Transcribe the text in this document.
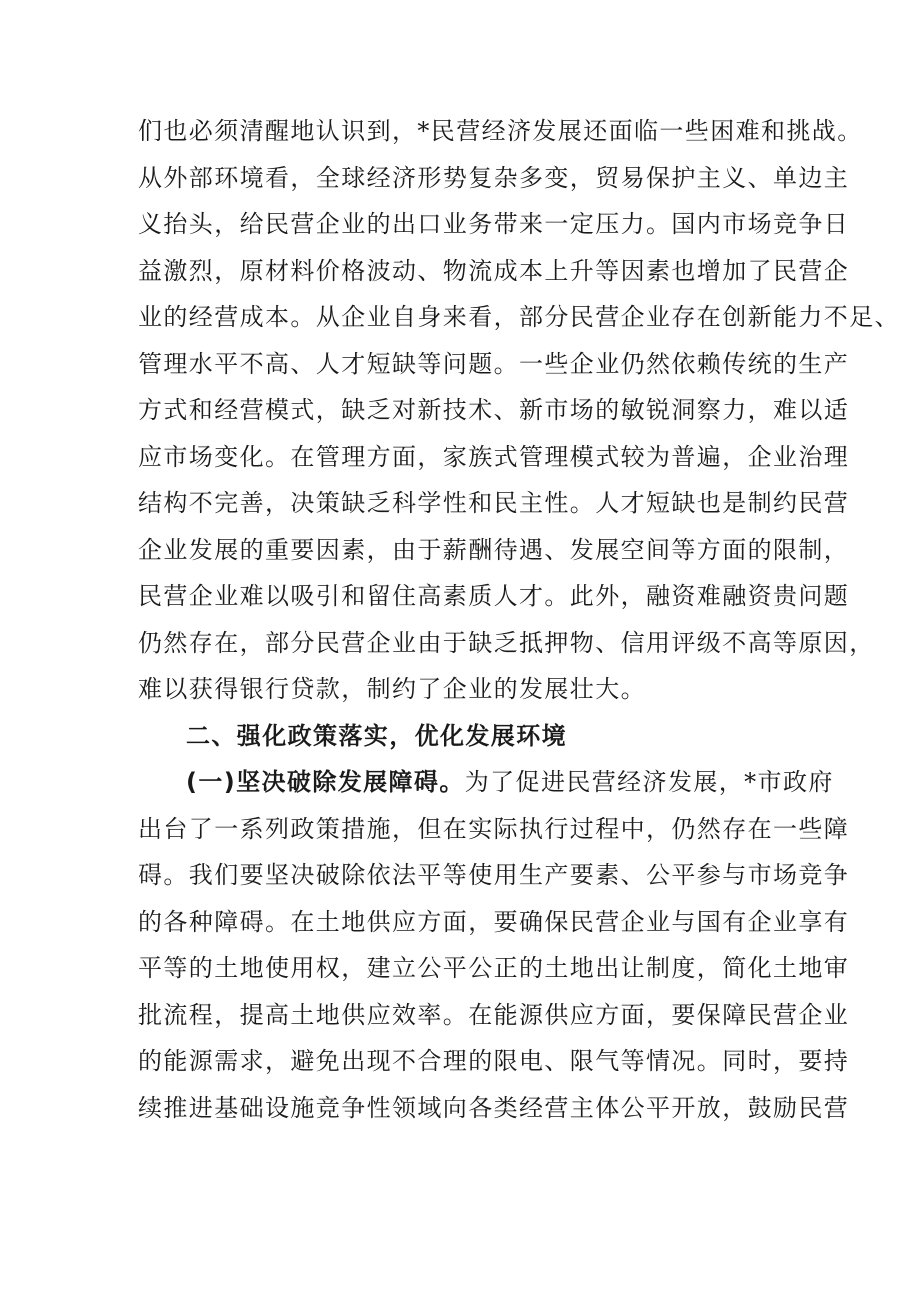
们也必须清醒地认识到，*民营经济发展还面临一些困难和挑战。
从外部环境看，全球经济形势复杂多变，贸易保护主义、单边主
义抬头，给民营企业的出口业务带来一定压力。国内市场竞争日
益激烈，原材料价格波动、物流成本上升等因素也增加了民营企
业的经营成本。从企业自身来看，部分民营企业存在创新能力不足、
管理水平不高、人才短缺等问题。一些企业仍然依赖传统的生产
方式和经营模式，缺乏对新技术、新市场的敏锐洞察力，难以适
应市场变化。在管理方面，家族式管理模式较为普遍，企业治理
结构不完善，决策缺乏科学性和民主性。人才短缺也是制约民营
企业发展的重要因素，由于薪酬待遇、发展空间等方面的限制，
民营企业难以吸引和留住高素质人才。此外，融资难融资贵问题
仍然存在，部分民营企业由于缺乏抵押物、信用评级不高等原因，
难以获得银行贷款，制约了企业的发展壮大。
二、强化政策落实，优化发展环境
(一)坚决破除发展障碍。为了促进民营经济发展，*市政府
出台了一系列政策措施，但在实际执行过程中，仍然存在一些障
碍。我们要坚决破除依法平等使用生产要素、公平参与市场竞争
的各种障碍。在土地供应方面，要确保民营企业与国有企业享有
平等的土地使用权，建立公平公正的土地出让制度，简化土地审
批流程，提高土地供应效率。在能源供应方面，要保障民营企业
的能源需求，避免出现不合理的限电、限气等情况。同时，要持
续推进基础设施竞争性领域向各类经营主体公平开放，鼓励民营
